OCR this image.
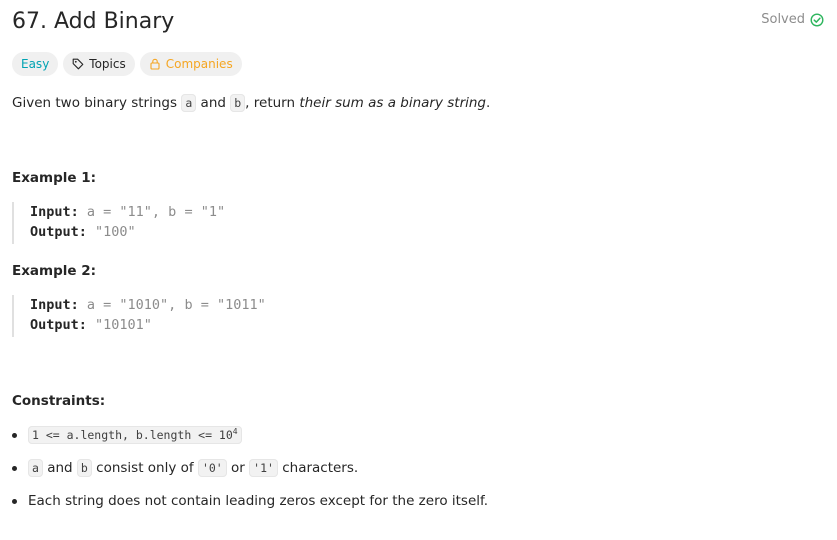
67. Add Binary	Solved
Easy	Topics	Companies
Given two binary strings a and b , return their sum as a binary string.
Example 1:
Input: a = "11", b = "1"
Output: "100"
Example 2:
Input: a = "1010", b = "1011"
Output: "10101"
Constraints:
1 <= a.length, b.length <= $10^4$
a and b consist only of '0' or '1' characters.
Each string does not contain leading zeros except for the zero itself.
